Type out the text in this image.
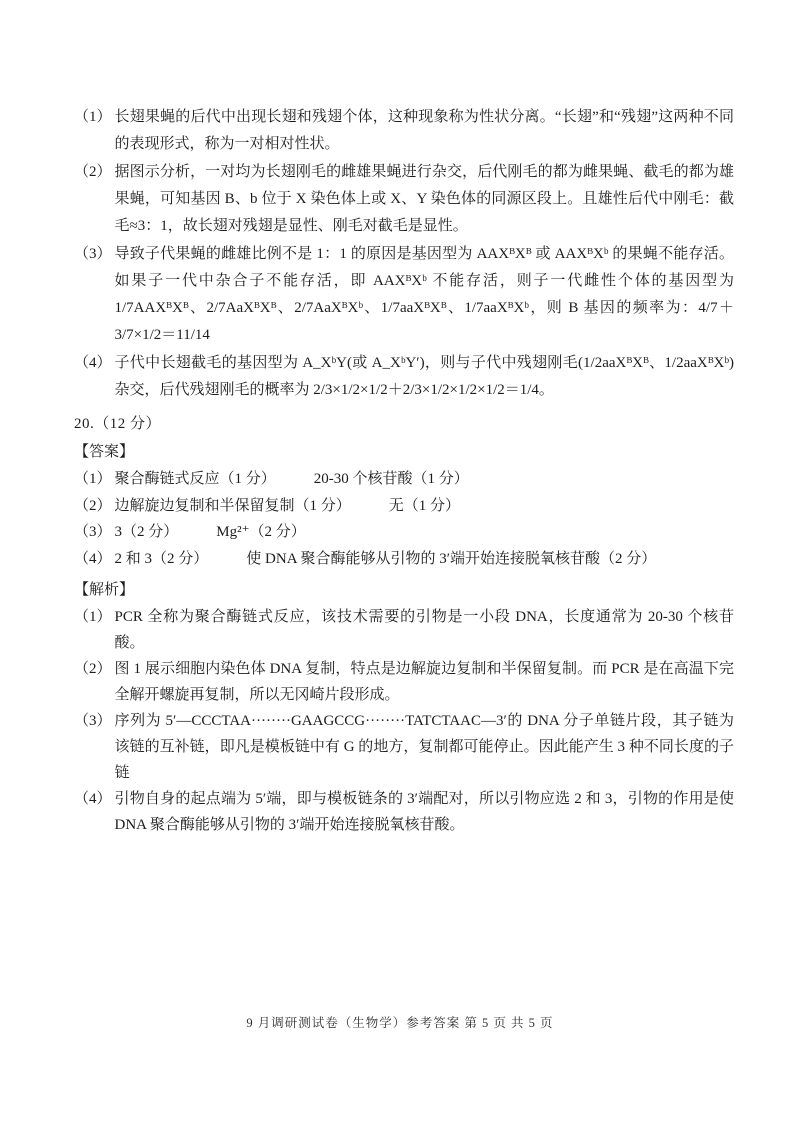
（1） 长翅果蝇的后代中出现长翅和残翅个体，这种现象称为性状分离。“长翅”和“残翅”这两种不同的表现形式，称为一对相对性状。
（2） 据图示分析，一对均为长翅刚毛的雌雄果蝇进行杂交，后代刚毛的都为雌果蝇、截毛的都为雄果蝇，可知基因 B、b 位于 X 染色体上或 X、Y 染色体的同源区段上。且雄性后代中刚毛：截毛≈3：1，故长翅对残翅是显性、刚毛对截毛是显性。
（3） 导致子代果蝇的雌雄比例不是 1：1 的原因是基因型为 AAXᴮXᴮ 或 AAXᴮXᵇ 的果蝇不能存活。如果子一代中杂合子不能存活，即 AAXᴮXᵇ 不能存活，则子一代雌性个体的基因型为 1/7AAXᴮXᴮ、2/7AaXᴮXᴮ、2/7AaXᴮXᵇ、1/7aaXᴮXᴮ、1/7aaXᴮXᵇ，则 B 基因的频率为：4/7＋3/7×1/2＝11/14
（4） 子代中长翅截毛的基因型为 A_XᵇY(或 A_XᵇY′)，则与子代中残翅刚毛(1/2aaXᴮXᴮ、1/2aaXᴮXᵇ)杂交，后代残翅刚毛的概率为 2/3×1/2×1/2＋2/3×1/2×1/2×1/2＝1/4。
20.（12 分）
【答案】
（1） 聚合酶链式反应（1 分）	20-30 个核苷酸（1 分）
（2） 边解旋边复制和半保留复制（1 分）	无（1 分）
（3） 3（2 分）	Mg²⁺（2 分）
（4） 2 和 3（2 分）	使 DNA 聚合酶能够从引物的 3′端开始连接脱氧核苷酸（2 分）
【解析】
（1） PCR 全称为聚合酶链式反应，该技术需要的引物是一小段 DNA，长度通常为 20-30 个核苷酸。
（2） 图 1 展示细胞内染色体 DNA 复制，特点是边解旋边复制和半保留复制。而 PCR 是在高温下完全解开螺旋再复制，所以无冈崎片段形成。
（3） 序列为 5′—CCCTAA········GAAGCCG········TATCTAAC—3′的 DNA 分子单链片段，其子链为该链的互补链，即凡是模板链中有 G 的地方，复制都可能停止。因此能产生 3 种不同长度的子链
（4） 引物自身的起点端为 5′端，即与模板链条的 3′端配对，所以引物应选 2 和 3，引物的作用是使 DNA 聚合酶能够从引物的 3′端开始连接脱氧核苷酸。
9 月调研测试卷（生物学）参考答案 第 5 页 共 5 页
